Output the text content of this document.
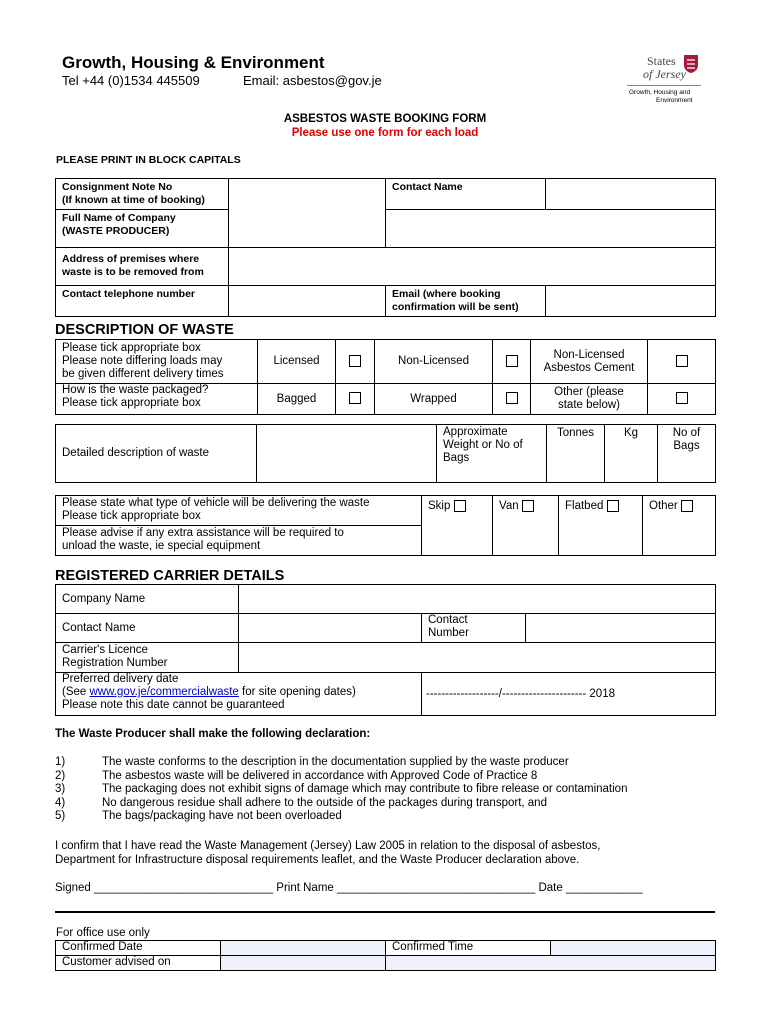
Growth, Housing & Environment
Tel +44 (0)1534 445509	Email: asbestos@gov.je
States
of Jersey
Growth, Housing and
Environment
ASBESTOS WASTE BOOKING FORM
Please use one form for each load
PLEASE PRINT IN BLOCK CAPITALS
Consignment Note No
(If known at time of booking)		Contact Name	
Full Name of Company
(WASTE PRODUCER)			
Address of premises where
waste is to be removed from			
Contact telephone number		Email (where booking
confirmation will be sent)	
DESCRIPTION OF WASTE
Please tick appropriate box
Please note differing loads may
be given different delivery times	Licensed		Non-Licensed		Non-Licensed
Asbestos Cement	
How is the waste packaged?
Please tick appropriate box	Bagged		Wrapped		Other (please
state below)	
Detailed description of waste		Approximate
Weight or No of
Bags	Tonnes	Kg	No of
Bags
Please state what type of vehicle will be delivering the waste
Please tick appropriate box	Skip	Van	Flatbed	Other
Please advise if any extra assistance will be required to
unload the waste, ie special equipment
REGISTERED CARRIER DETAILS
Company Name			
Contact Name		Contact
Number	
Carrier's Licence
Registration Number			
Preferred delivery date
(See www.gov.je/commercialwaste for site opening dates)
Please note this date cannot be guaranteed		-------------------/---------------------- 2018	
The Waste Producer shall make the following declaration:
1)	The waste conforms to the description in the documentation supplied by the waste producer
2)	The asbestos waste will be delivered in accordance with Approved Code of Practice 8
3)	The packaging does not exhibit signs of damage which may contribute to fibre release or contamination
4)	No dangerous residue shall adhere to the outside of the packages during transport, and
5)	The bags/packaging have not been overloaded
I confirm that I have read the Waste Management (Jersey) Law 2005 in relation to the disposal of asbestos,
Department for Infrastructure disposal requirements leaflet, and the Waste Producer declaration above.
Signed ____________________________ Print Name _______________________________ Date ____________
For office use only
Confirmed Date		Confirmed Time	
Customer advised on			
